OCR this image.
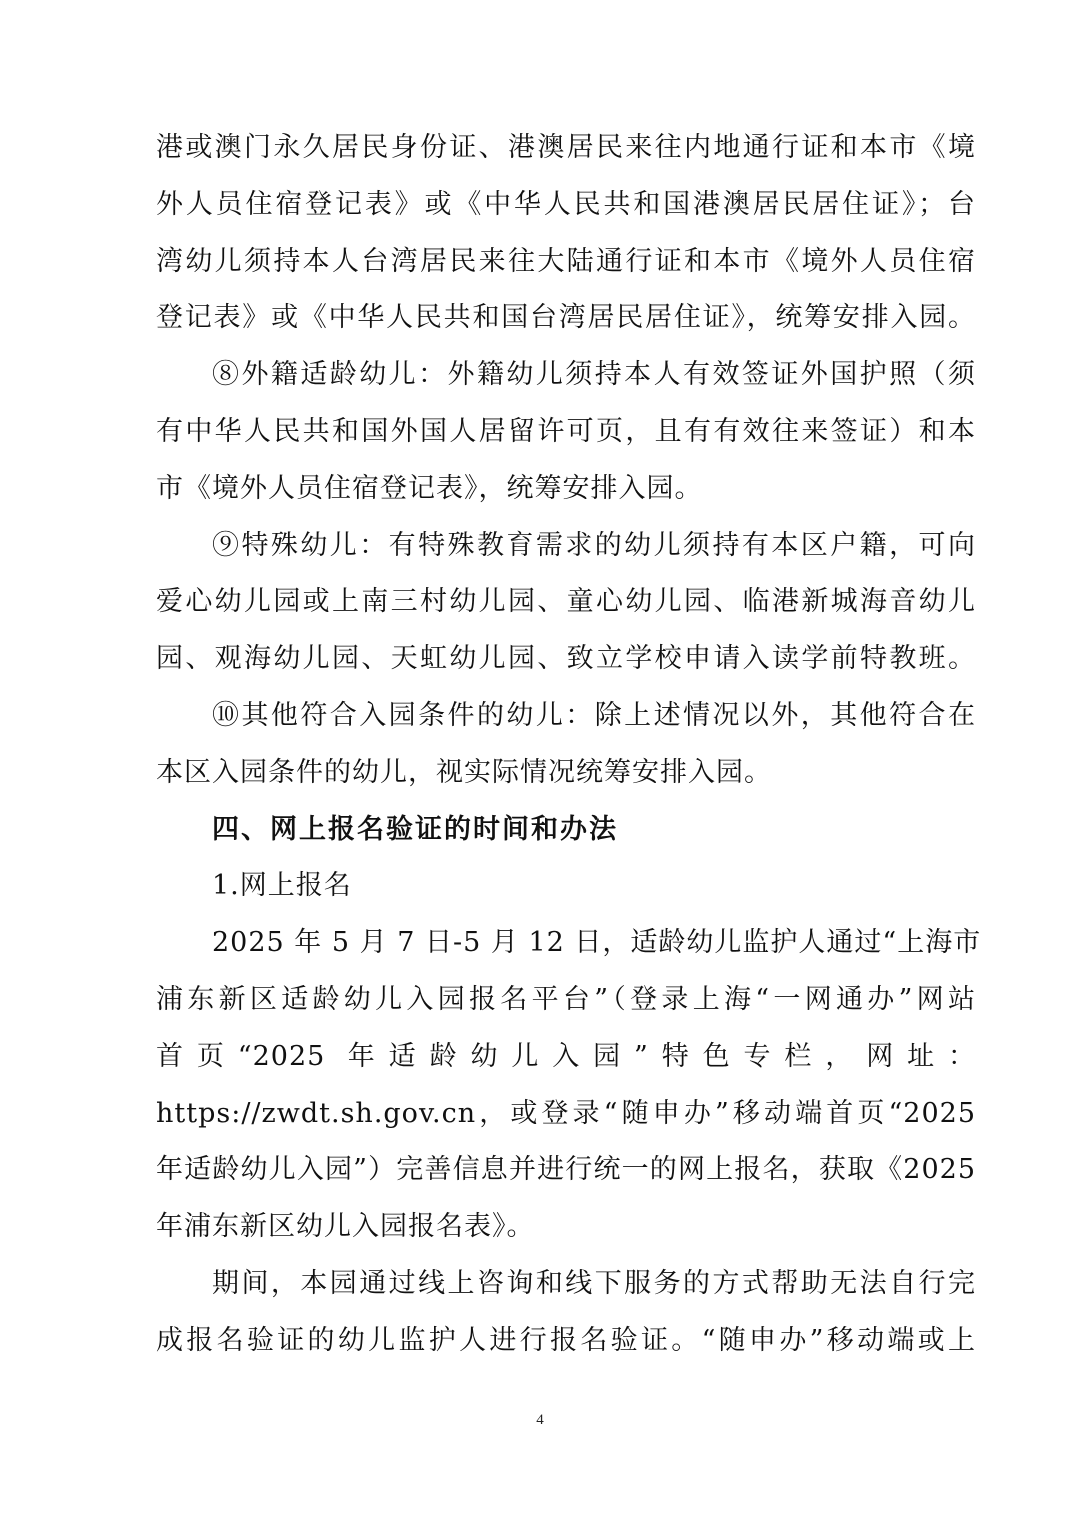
港或澳门永久居民身份证、港澳居民来往内地通行证和本市《境
外人员住宿登记表》或《中华人民共和国港澳居民居住证》；台
湾幼儿须持本人台湾居民来往大陆通行证和本市《境外人员住宿
登记表》或《中华人民共和国台湾居民居住证》，统筹安排入园。
⑧外籍适龄幼儿：外籍幼儿须持本人有效签证外国护照（须
有中华人民共和国外国人居留许可页，且有有效往来签证）和本
市《境外人员住宿登记表》，统筹安排入园。
⑨特殊幼儿：有特殊教育需求的幼儿须持有本区户籍，可向
爱心幼儿园或上南三村幼儿园、童心幼儿园、临港新城海音幼儿
园、观海幼儿园、天虹幼儿园、致立学校申请入读学前特教班。
⑩其他符合入园条件的幼儿：除上述情况以外，其他符合在
本区入园条件的幼儿，视实际情况统筹安排入园。
四、网上报名验证的时间和办法
1.网上报名
2025 年 5 月 7 日-5 月 12 日，适龄幼儿监护人通过“上海市
浦东新区适龄幼儿入园报名平台”（登录上海“一网通办”网站
首页“2025 年适龄幼儿入园”特色专栏，网址：
https://zwdt.sh.gov.cn，或登录“随申办”移动端首页“2025
年适龄幼儿入园”）完善信息并进行统一的网上报名，获取《2025
年浦东新区幼儿入园报名表》。
期间，本园通过线上咨询和线下服务的方式帮助无法自行完
成报名验证的幼儿监护人进行报名验证。“随申办”移动端或上
4
